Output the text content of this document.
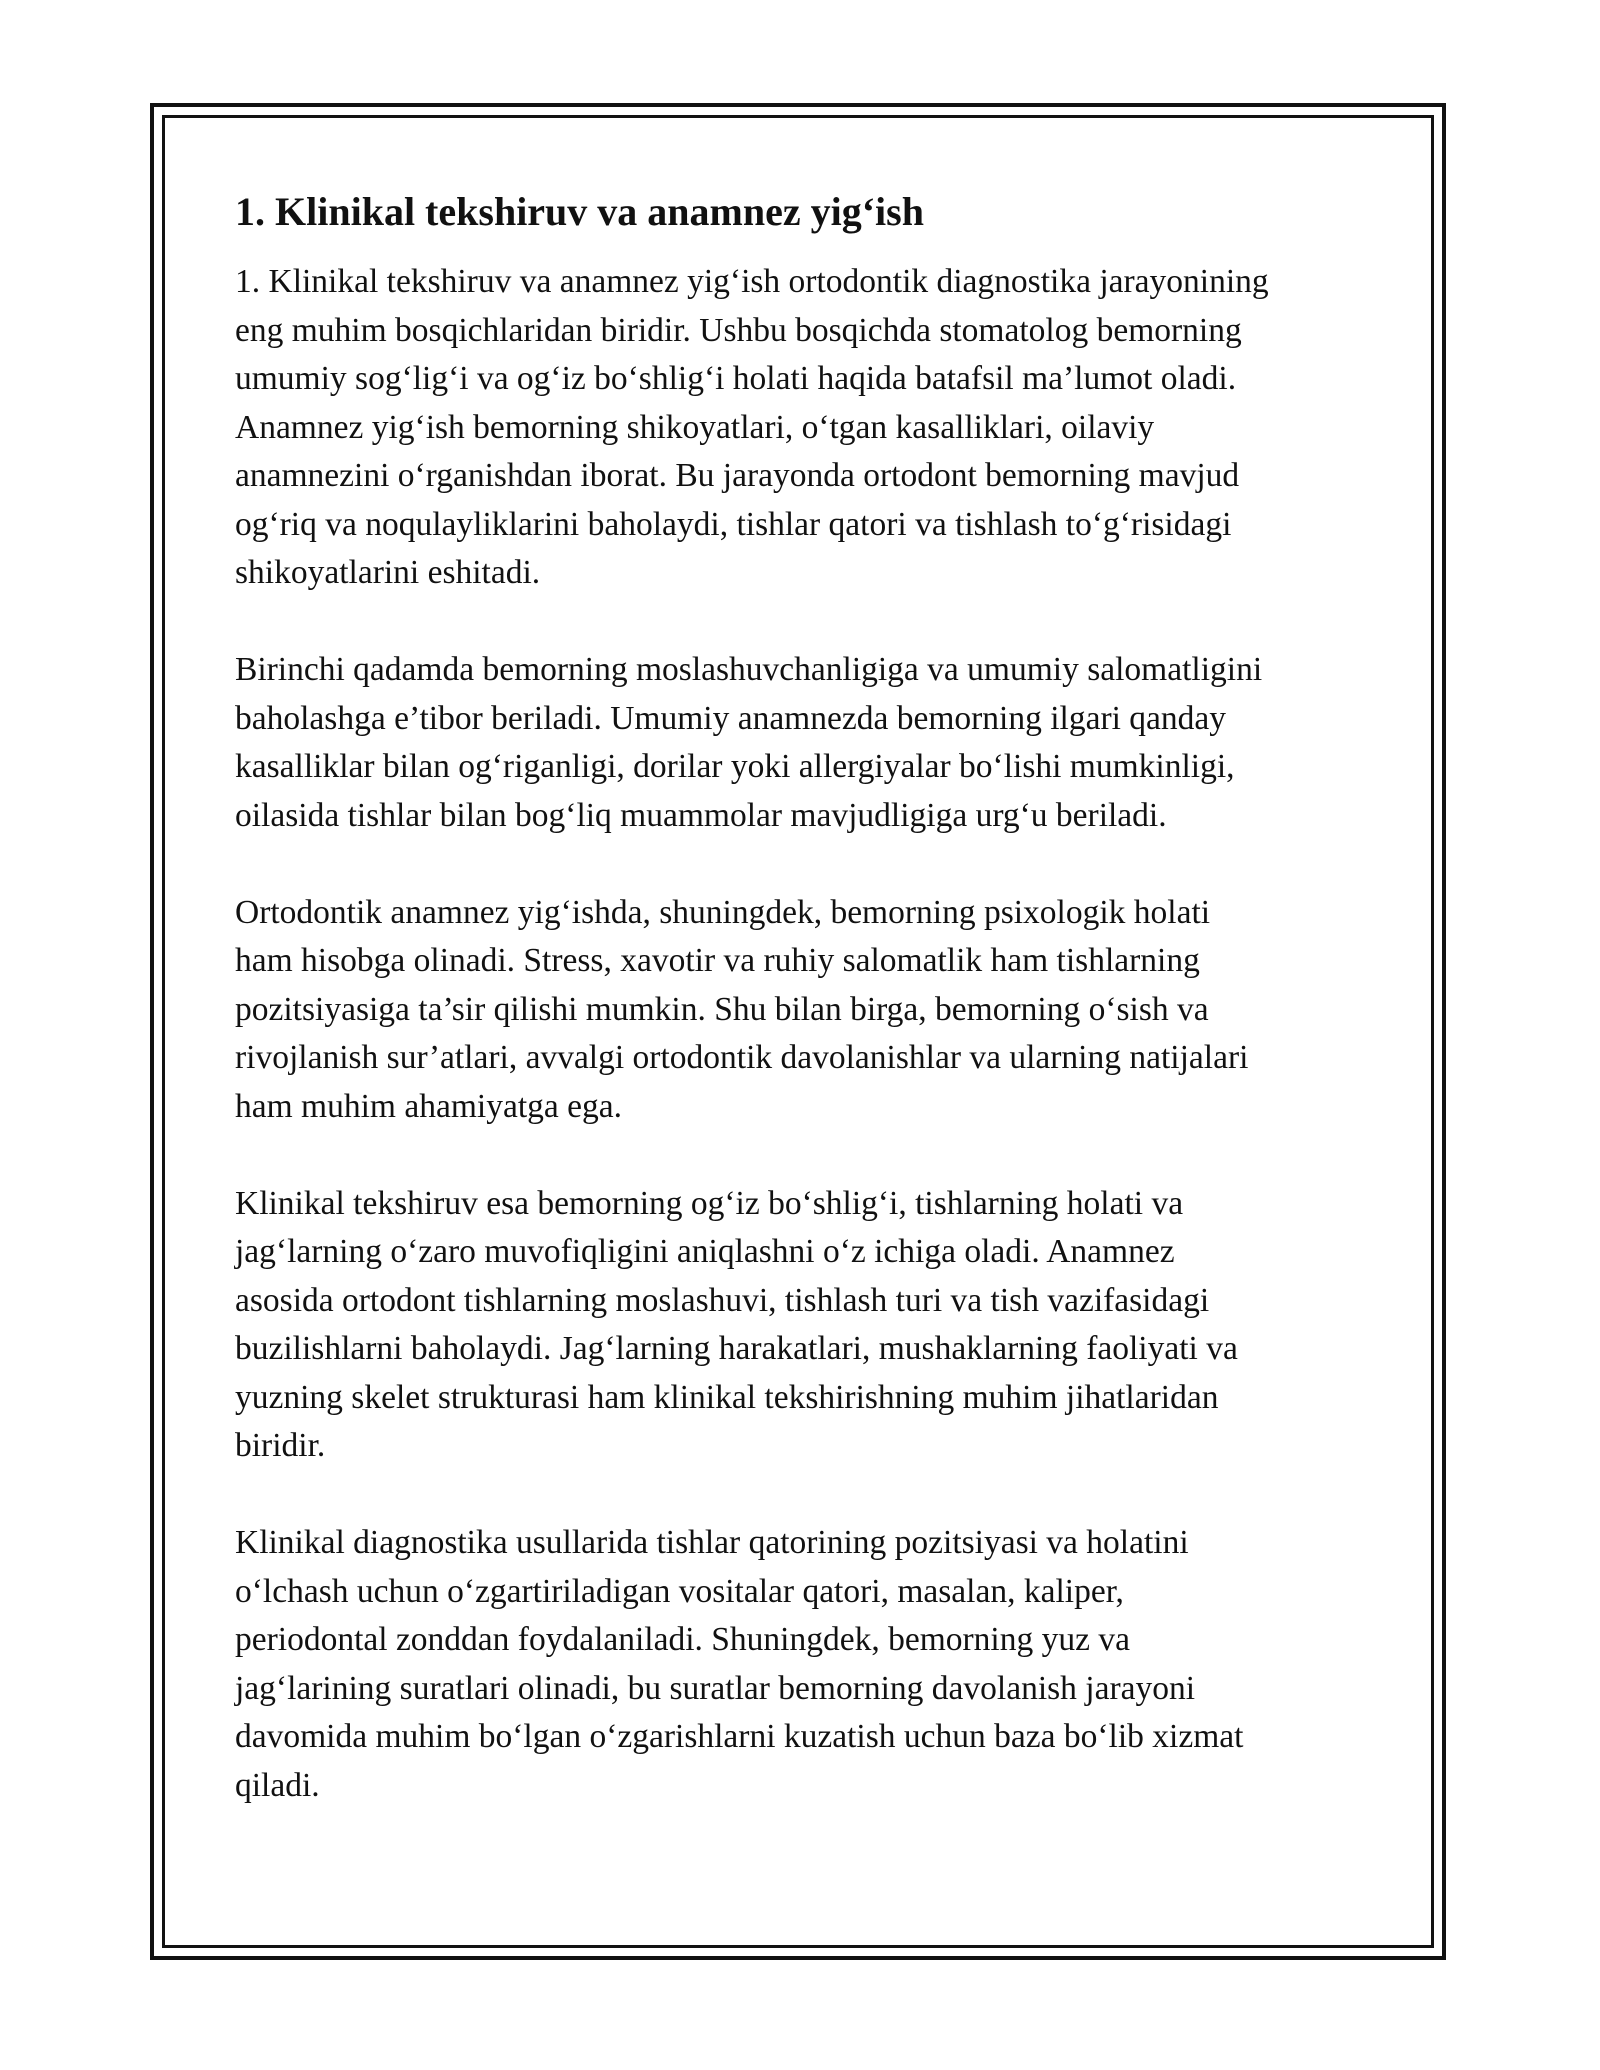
1. Klinikal tekshiruv va anamnez yig‘ish

1. Klinikal tekshiruv va anamnez yig‘ish ortodontik diagnostika jarayonining
eng muhim bosqichlaridan biridir. Ushbu bosqichda stomatolog bemorning
umumiy sog‘lig‘i va og‘iz bo‘shlig‘i holati haqida batafsil ma’lumot oladi.
Anamnez yig‘ish bemorning shikoyatlari, o‘tgan kasalliklari, oilaviy
anamnezini o‘rganishdan iborat. Bu jarayonda ortodont bemorning mavjud
og‘riq va noqulayliklarini baholaydi, tishlar qatori va tishlash to‘g‘risidagi
shikoyatlarini eshitadi.

Birinchi qadamda bemorning moslashuvchanligiga va umumiy salomatligini
baholashga e’tibor beriladi. Umumiy anamnezda bemorning ilgari qanday
kasalliklar bilan og‘riganligi, dorilar yoki allergiyalar bo‘lishi mumkinligi,
oilasida tishlar bilan bog‘liq muammolar mavjudligiga urg‘u beriladi.

Ortodontik anamnez yig‘ishda, shuningdek, bemorning psixologik holati
ham hisobga olinadi. Stress, xavotir va ruhiy salomatlik ham tishlarning
pozitsiyasiga ta’sir qilishi mumkin. Shu bilan birga, bemorning o‘sish va
rivojlanish sur’atlari, avvalgi ortodontik davolanishlar va ularning natijalari
ham muhim ahamiyatga ega.

Klinikal tekshiruv esa bemorning og‘iz bo‘shlig‘i, tishlarning holati va
jag‘larning o‘zaro muvofiqligini aniqlashni o‘z ichiga oladi. Anamnez
asosida ortodont tishlarning moslashuvi, tishlash turi va tish vazifasidagi
buzilishlarni baholaydi. Jag‘larning harakatlari, mushaklarning faoliyati va
yuzning skelet strukturasi ham klinikal tekshirishning muhim jihatlaridan
biridir.

Klinikal diagnostika usullarida tishlar qatorining pozitsiyasi va holatini
o‘lchash uchun o‘zgartiriladigan vositalar qatori, masalan, kaliper,
periodontal zonddan foydalaniladi. Shuningdek, bemorning yuz va
jag‘larining suratlari olinadi, bu suratlar bemorning davolanish jarayoni
davomida muhim bo‘lgan o‘zgarishlarni kuzatish uchun baza bo‘lib xizmat
qiladi.
